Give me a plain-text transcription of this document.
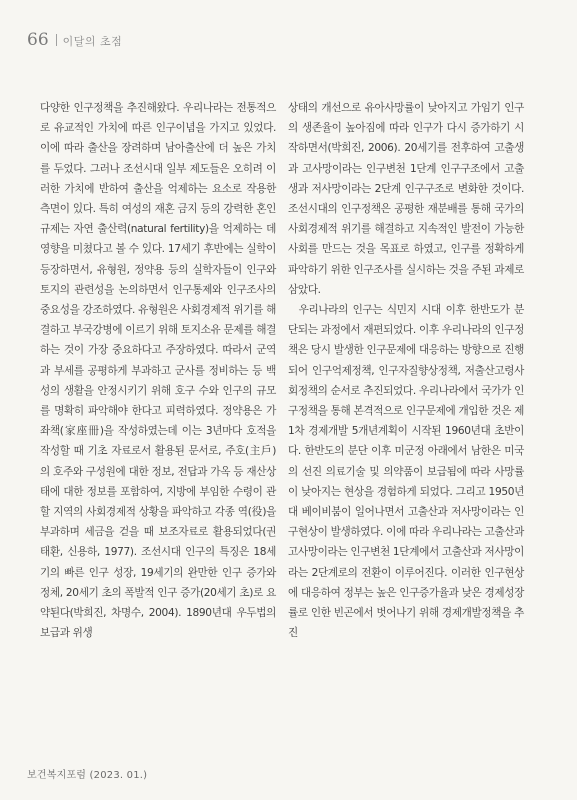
66 이달의 초점

다양한 인구정책을 추진해왔다. 우리나라는 전통적으로 유교적인 가치에 따른 인구이념을 가지고 있었다. 이에 따라 출산을 장려하며 남아출산에 더 높은 가치를 두었다. 그러나 조선시대 일부 제도들은 오히려 이러한 가치에 반하여 출산을 억제하는 요소로 작용한 측면이 있다. 특히 여성의 재혼 금지 등의 강력한 혼인 규제는 자연 출산력(natural fertility)을 억제하는 데 영향을 미쳤다고 볼 수 있다. 17세기 후반에는 실학이 등장하면서, 유형원, 정약용 등의 실학자들이 인구와 토지의 관련성을 논의하면서 인구통제와 인구조사의 중요성을 강조하였다. 유형원은 사회경제적 위기를 해결하고 부국강병에 이르기 위해 토지소유 문제를 해결하는 것이 가장 중요하다고 주장하였다. 따라서 군역과 부세를 공평하게 부과하고 군사를 정비하는 등 백성의 생활을 안정시키기 위해 호구 수와 인구의 규모를 명확히 파악해야 한다고 피력하였다. 정약용은 가좌책(家座冊)을 작성하였는데 이는 3년마다 호적을 작성할 때 기초 자료로서 활용된 문서로, 주호(主戶)의 호주와 구성원에 대한 정보, 전답과 가옥 등 재산상태에 대한 정보를 포함하여, 지방에 부임한 수령이 관할 지역의 사회경제적 상황을 파악하고 각종 역(役)을 부과하며 세금을 걷을 때 보조자료로 활용되었다(권태환, 신용하, 1977). 조선시대 인구의 특징은 18세기의 빠른 인구 성장, 19세기의 완만한 인구 증가와 정체, 20세기 초의 폭발적 인구 증가(20세기 초)로 요약된다(박희진, 차명수, 2004). 1890년대 우두법의 보급과 위생

상태의 개선으로 유아사망률이 낮아지고 가임기 인구의 생존율이 높아짐에 따라 인구가 다시 증가하기 시작하면서(박희진, 2006). 20세기를 전후하여 고출생과 고사망이라는 인구변천 1단계 인구구조에서 고출생과 저사망이라는 2단계 인구구조로 변화한 것이다. 조선시대의 인구정책은 공평한 재분배를 통해 국가의 사회경제적 위기를 해결하고 지속적인 발전이 가능한 사회를 만드는 것을 목표로 하였고, 인구를 정확하게 파악하기 위한 인구조사를 실시하는 것을 주된 과제로 삼았다.

우리나라의 인구는 식민지 시대 이후 한반도가 분단되는 과정에서 재편되었다. 이후 우리나라의 인구정책은 당시 발생한 인구문제에 대응하는 방향으로 진행되어 인구억제정책, 인구자질향상정책, 저출산고령사회정책의 순서로 추진되었다. 우리나라에서 국가가 인구정책을 통해 본격적으로 인구문제에 개입한 것은 제1차 경제개발 5개년계획이 시작된 1960년대 초반이다. 한반도의 분단 이후 미군정 아래에서 남한은 미국의 선진 의료기술 및 의약품이 보급됨에 따라 사망률이 낮아지는 현상을 경험하게 되었다. 그리고 1950년대 베이비붐이 일어나면서 고출산과 저사망이라는 인구현상이 발생하였다. 이에 따라 우리나라는 고출산과 고사망이라는 인구변천 1단계에서 고출산과 저사망이라는 2단계로의 전환이 이루어진다. 이러한 인구현상에 대응하여 정부는 높은 인구증가율과 낮은 경제성장률로 인한 빈곤에서 벗어나기 위해 경제개발정책을 추진

보건복지포럼 (2023. 01.)
